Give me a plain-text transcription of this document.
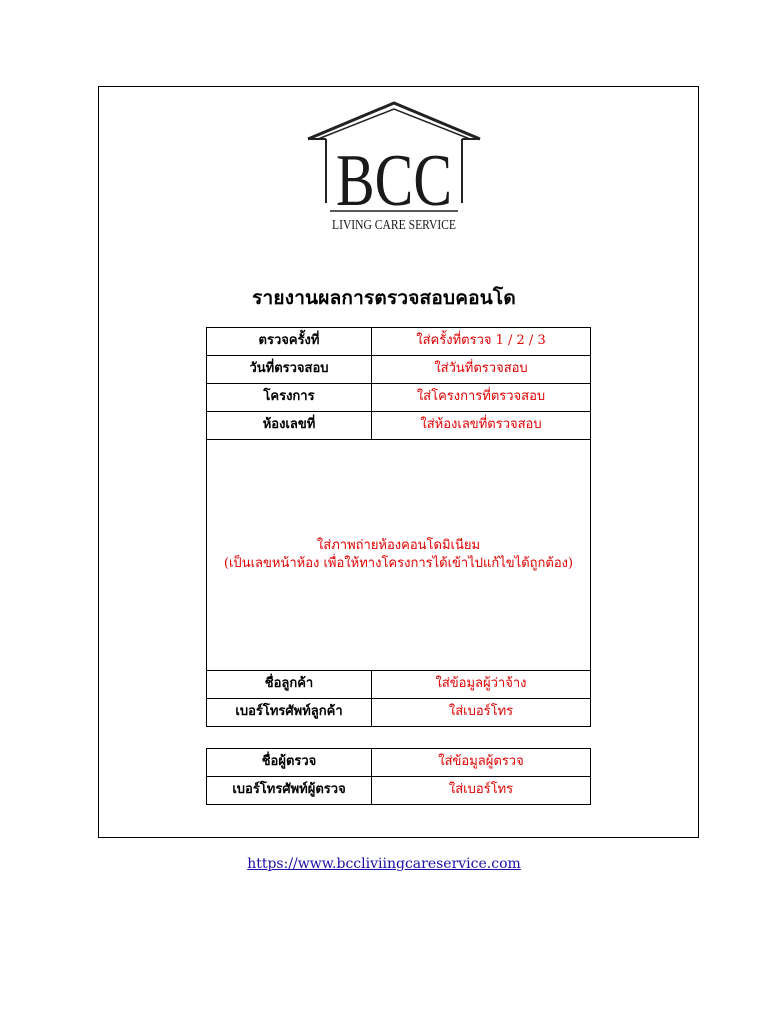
BCC
LIVING CARE SERVICE
รายงานผลการตรวจสอบคอนโด
ตรวจครั้งที่	ใส่ครั้งที่ตรวจ 1 / 2 / 3
วันที่ตรวจสอบ	ใส่วันที่ตรวจสอบ
โครงการ	ใส่โครงการที่ตรวจสอบ
ห้องเลขที่	ใส่ห้องเลขที่ตรวจสอบ

ใส่ภาพถ่ายห้องคอนโดมิเนียม
(เป็นเลขหน้าห้อง เพื่อให้ทางโครงการได้เข้าไปแก้ไขได้ถูกต้อง)	

ชื่อลูกค้า	ใส่ข้อมูลผู้ว่าจ้าง
เบอร์โทรศัพท์ลูกค้า	ใส่เบอร์โทร
ชื่อผู้ตรวจ	ใส่ข้อมูลผู้ตรวจ
เบอร์โทรศัพท์ผู้ตรวจ	ใส่เบอร์โทร
https://www.bccliviingcareservice.com
